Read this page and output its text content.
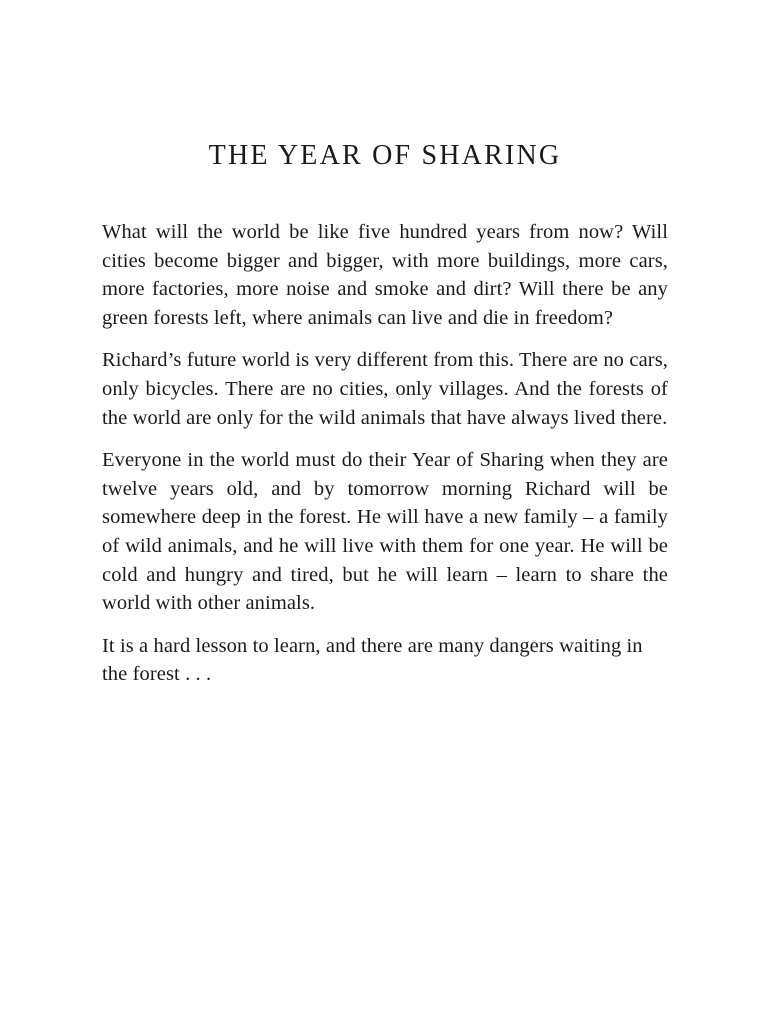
THE YEAR OF SHARING

What will the world be like five hundred years from now? Will cities become bigger and bigger, with more buildings, more cars, more factories, more noise and smoke and dirt? Will there be any green forests left, where animals can live and die in freedom?

Richard’s future world is very different from this. There are no cars, only bicycles. There are no cities, only villages. And the forests of the world are only for the wild animals that have always lived there.

Everyone in the world must do their Year of Sharing when they are twelve years old, and by tomorrow morning Richard will be somewhere deep in the forest. He will have a new family – a family of wild animals, and he will live with them for one year. He will be cold and hungry and tired, but he will learn – learn to share the world with other animals.

It is a hard lesson to learn, and there are many dangers waiting in the forest . . .
